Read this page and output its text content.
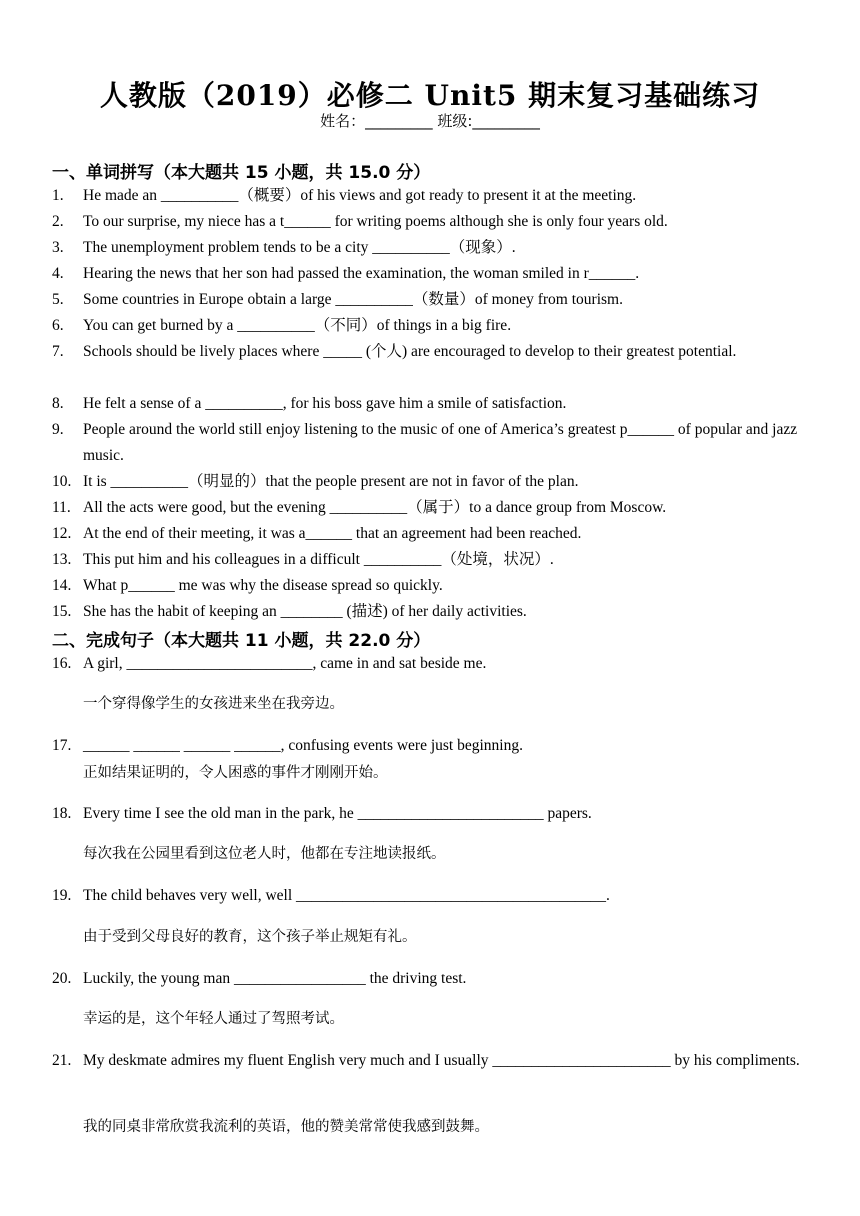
人教版（2019）必修二 Unit5 期末复习基础练习
姓名：_________ 班级:_________
一、单词拼写（本大题共 15 小题，共 15.0 分）
1.	He made an __________（概要）of his views and got ready to present it at the meeting.
2.	To our surprise, my niece has a t______ for writing poems although she is only four years old.
3.	The unemployment problem tends to be a city __________（现象）.
4.	Hearing the news that her son had passed the examination, the woman smiled in r______.
5.	Some countries in Europe obtain a large __________（数量）of money from tourism.
6.	You can get burned by a __________（不同）of things in a big fire.
7.	Schools should be lively places where _____ (个人) are encouraged to develop to their greatest potential.
8.	He felt a sense of a __________, for his boss gave him a smile of satisfaction.
9.	People around the world still enjoy listening to the music of one of America’s greatest p______ of popular and jazz music.
10. It is __________（明显的）that the people present are not in favor of the plan.
11. All the acts were good, but the evening __________（属于）to a dance group from Moscow.
12. At the end of their meeting, it was a______ that an agreement had been reached.
13. This put him and his colleagues in a difficult __________（处境，状况）.
14. What p______ me was why the disease spread so quickly.
15. She has the habit of keeping an ________ (描述) of her daily activities.
二、完成句子（本大题共 11 小题，共 22.0 分）
16. A girl, ________________________, came in and sat beside me.
一个穿得像学生的女孩进来坐在我旁边。
17. ______ ______ ______ ______, confusing events were just beginning.
正如结果证明的，令人困惑的事件才刚刚开始。
18. Every time I see the old man in the park, he ________________________ papers.
每次我在公园里看到这位老人时，他都在专注地读报纸。
19. The child behaves very well, well ________________________________________.
由于受到父母良好的教育，这个孩子举止规矩有礼。
20. Luckily, the young man _________________ the driving test.
幸运的是，这个年轻人通过了驾照考试。
21. My deskmate admires my fluent English very much and I usually _______________________ by his compliments.
我的同桌非常欣赏我流利的英语，他的赞美常常使我感到鼓舞。
